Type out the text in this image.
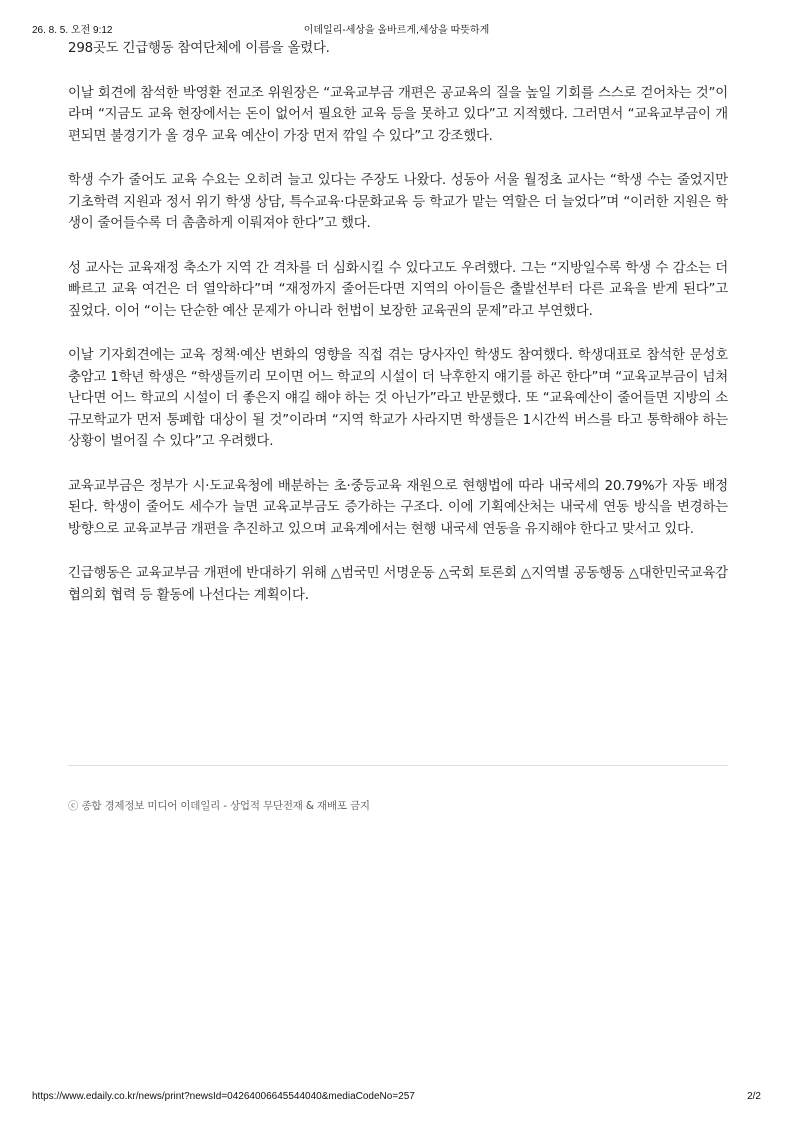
26. 8. 5. 오전 9:12	이데일리-세상을 올바르게,세상을 따뜻하게

298곳도 긴급행동 참여단체에 이름을 올렸다.

이날 회견에 참석한 박영환 전교조 위원장은 “교육교부금 개편은 공교육의 질을 높일 기회를 스스로 걷어차는 것”이라며 “지금도 교육 현장에서는 돈이 없어서 필요한 교육 등을 못하고 있다”고 지적했다. 그러면서 “교육교부금이 개편되면 불경기가 올 경우 교육 예산이 가장 먼저 깎일 수 있다”고 강조했다.

학생 수가 줄어도 교육 수요는 오히려 늘고 있다는 주장도 나왔다. 성동아 서울 월정초 교사는 “학생 수는 줄었지만 기초학력 지원과 정서 위기 학생 상담, 특수교육·다문화교육 등 학교가 맡는 역할은 더 늘었다”며 “이러한 지원은 학생이 줄어들수록 더 촘촘하게 이뤄져야 한다”고 했다.

성 교사는 교육재정 축소가 지역 간 격차를 더 심화시킬 수 있다고도 우려했다. 그는 “지방일수록 학생 수 감소는 더 빠르고 교육 여건은 더 열악하다”며 “재정까지 줄어든다면 지역의 아이들은 출발선부터 다른 교육을 받게 된다”고 짚었다. 이어 “이는 단순한 예산 문제가 아니라 헌법이 보장한 교육권의 문제”라고 부연했다.

이날 기자회견에는 교육 정책·예산 변화의 영향을 직접 겪는 당사자인 학생도 참여했다. 학생대표로 참석한 문성호 충암고 1학년 학생은 “학생들끼리 모이면 어느 학교의 시설이 더 낙후한지 얘기를 하곤 한다”며 “교육교부금이 넘쳐난다면 어느 학교의 시설이 더 좋은지 얘길 해야 하는 것 아닌가”라고 반문했다. 또 “교육예산이 줄어들면 지방의 소규모학교가 먼저 통폐합 대상이 될 것”이라며 “지역 학교가 사라지면 학생들은 1시간씩 버스를 타고 통학해야 하는 상황이 벌어질 수 있다”고 우려했다.

교육교부금은 정부가 시·도교육청에 배분하는 초·중등교육 재원으로 현행법에 따라 내국세의 20.79%가 자동 배정된다. 학생이 줄어도 세수가 늘면 교육교부금도 증가하는 구조다. 이에 기획예산처는 내국세 연동 방식을 변경하는 방향으로 교육교부금 개편을 추진하고 있으며 교육계에서는 현행 내국세 연동을 유지해야 한다고 맞서고 있다.

긴급행동은 교육교부금 개편에 반대하기 위해 △범국민 서명운동 △국회 토론회 △지역별 공동행동 △대한민국교육감협의회 협력 등 활동에 나선다는 계획이다.

ⓒ 종합 경제정보 미디어 이데일리 - 상업적 무단전재 & 재배포 금지
https://www.edaily.co.kr/news/print?newsId=04264006645544040&mediaCodeNo=257	2/2
